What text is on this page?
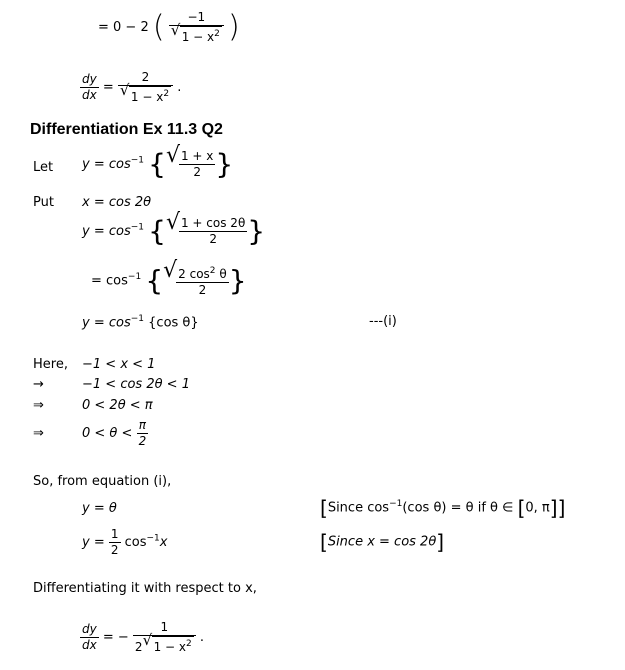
= 0 − 2 ( $\frac{-1}{√ 1 - x^2}$ )
$\frac{dy}{dx} = \frac{2}{√ 1 - x^2}$ .
Differentiation Ex 11.3 Q2
Let $y = \cos^{-1}$ { √
$\frac{1 + x}{2}$ }
Put x = cos 2θ
$y = \cos^{-1}$ { √
$\frac{1 + \cos 2\theta}{2}$ }
= $\cos^{-1}$ { √
$\frac{2 \cos^2 \theta}{2}$ }
$y = \cos^{-1} \{\cos$ θ}	---(i)
Here, −1 < x < 1
→	−1 < cos 2θ < 1
⇒	0 < 2θ < π
⇒	$0 < \theta < \frac{\pi}{2}$
So, from equation (i),
y = θ	[Since $\cos^{-1}(\cos$ θ) = θ if θ ∈ [0, π]]
$y = \frac{1}{2} \cos^{-1}x$	[Since x = cos 2θ]
Differentiating it with respect to x,
$\frac{dy}{dx}$ = − $\frac{1}{2 √ 1 - x^2}$ .
